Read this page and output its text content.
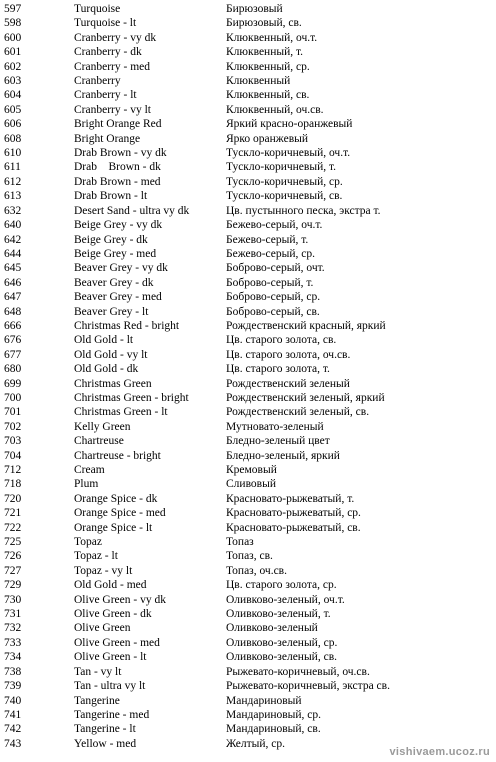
597	Turquoise	Бирюзовый
598	Turquoise - lt	Бирюзовый, св.
600	Cranberry - vy dk	Клюквенный, оч.т.
601	Cranberry - dk	Клюквенный, т.
602	Cranberry - med	Клюквенный, ср.
603	Cranberry	Клюквенный
604	Cranberry - lt	Клюквенный, св.
605	Cranberry - vy lt	Клюквенный, оч.св.
606	Bright Orange Red	Яркий красно-оранжевый
608	Bright Orange	Ярко оранжевый
610	Drab Brown - vy dk	Тускло-коричневый, оч.т.
611	Drab    Brown - dk	Тускло-коричневый, т.
612	Drab Brown - med	Тускло-коричневый, ср.
613	Drab Brown - lt	Тускло-коричневый, св.
632	Desert Sand - ultra vy dk	Цв. пустынного песка, экстра т.
640	Beige Grey - vy dk	Бежево-серый, оч.т.
642	Beige Grey - dk	Бежево-серый, т.
644	Beige Grey - med	Бежево-серый, ср.
645	Beaver Grey - vy dk	Боброво-серый, очт.
646	Beaver Grey - dk	Боброво-серый, т.
647	Beaver Grey - med	Боброво-серый, ср.
648	Beaver Grey - lt	Боброво-серый, св.
666	Christmas Red - bright	Рождественский красный, яркий
676	Old Gold - lt	Цв. старого золота, св.
677	Old Gold - vy lt	Цв. старого золота, оч.св.
680	Old Gold - dk	Цв. старого золота, т.
699	Christmas Green	Рождественский зеленый
700	Christmas Green - bright	Рождественский зеленый, яркий
701	Christmas Green - lt	Рождественский зеленый, св.
702	Kelly Green	Мутновато-зеленый
703	Chartreuse	Бледно-зеленый цвет
704	Chartreuse - bright	Бледно-зеленый, яркий
712	Cream	Кремовый
718	Plum	Сливовый
720	Orange Spice - dk	Красновато-рыжеватый, т.
721	Orange Spice - med	Красновато-рыжеватый, ср.
722	Orange Spice - lt	Красновато-рыжеватый, св.
725	Topaz	Топаз
726	Topaz - lt	Топаз, св.
727	Topaz - vy lt	Топаз, оч.св.
729	Old Gold - med	Цв. старого золота, ср.
730	Olive Green - vy dk	Оливково-зеленый, оч.т.
731	Olive Green - dk	Оливково-зеленый, т.
732	Olive Green	Оливково-зеленый
733	Olive Green - med	Оливково-зеленый, ср.
734	Olive Green - lt	Оливково-зеленый, св.
738	Tan - vy lt	Рыжевато-коричневый, оч.св.
739	Tan - ultra vy lt	Рыжевато-коричневый, экстра св.
740	Tangerine	Мандариновый
741	Tangerine - med	Мандариновый, ср.
742	Tangerine - lt	Мандариновый, св.
743	Yellow - med	Желтый, ср.
vishivaem.ucoz.ru
